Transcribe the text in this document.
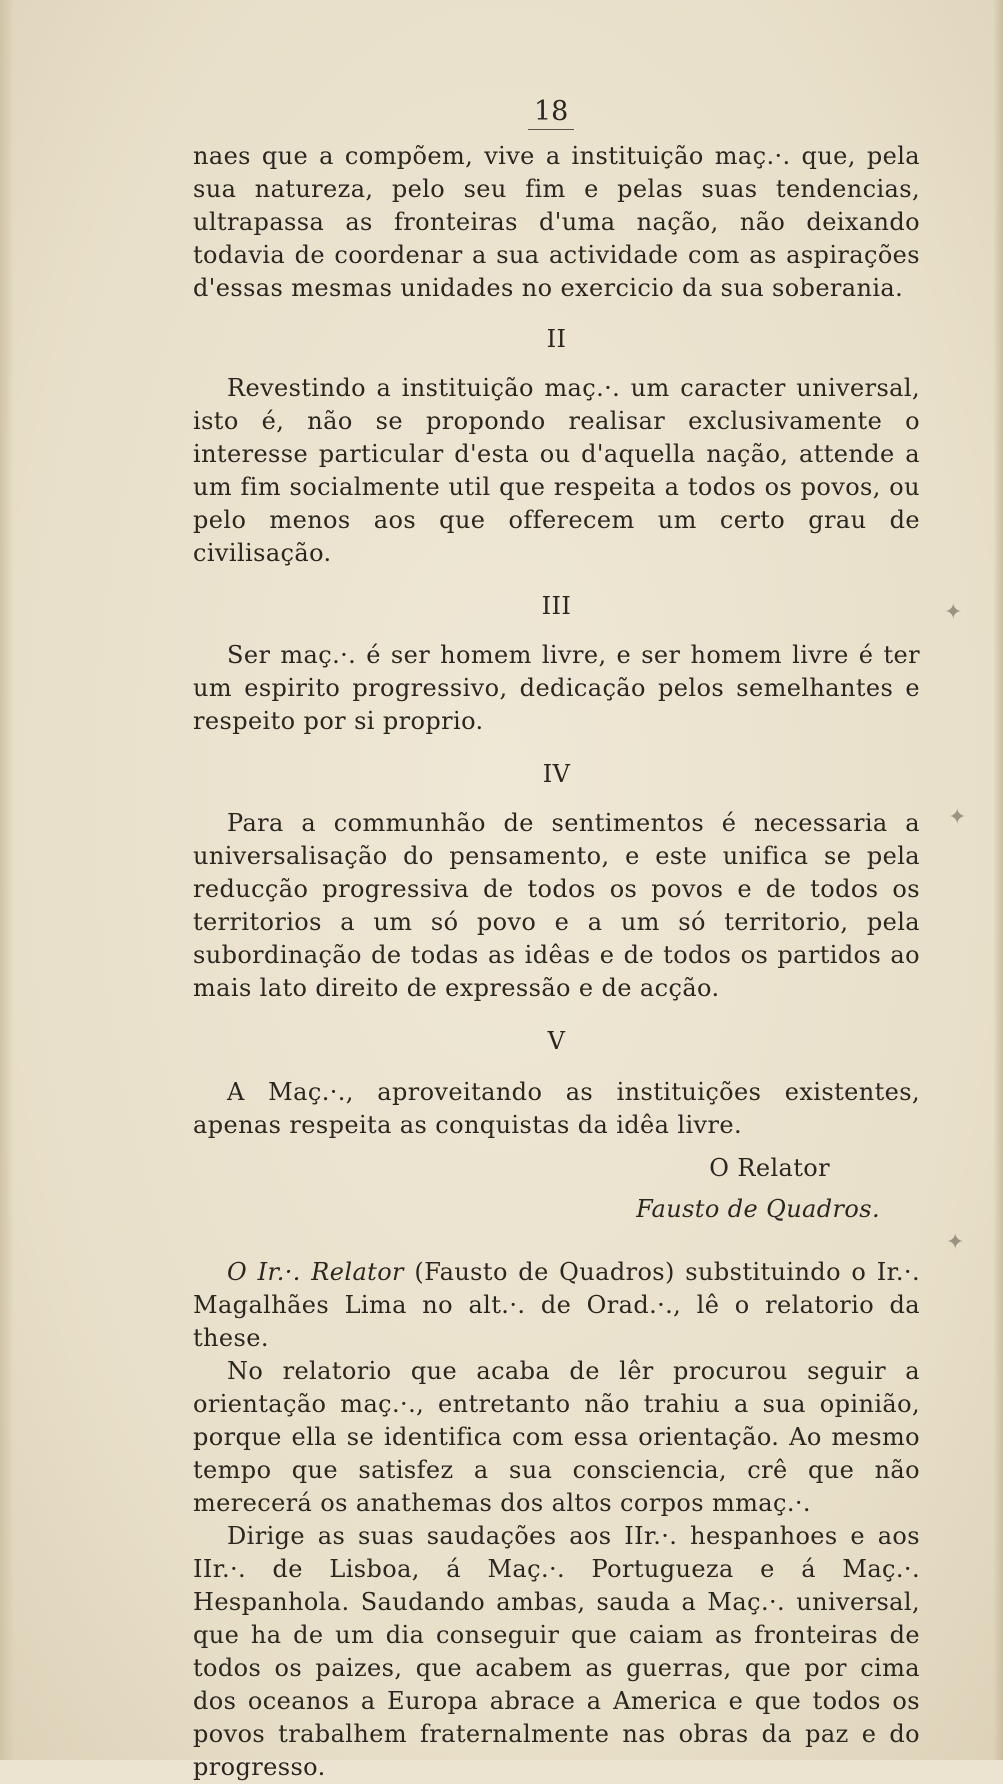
18

naes que a compõem, vive a instituição maç.·. que, pela sua natureza, pelo seu fim e pelas suas tendencias, ultrapassa as fronteiras d'uma nação, não deixando todavia de coordenar a sua actividade com as aspirações d'essas mesmas unidades no exercicio da sua soberania.

II

Revestindo a instituição maç.·. um caracter universal, isto é, não se propondo realisar exclusivamente o interesse particular d'esta ou d'aquella nação, attende a um fim socialmente util que respeita a todos os povos, ou pelo menos aos que offerecem um certo grau de civilisação.

III

Ser maç.·. é ser homem livre, e ser homem livre é ter um espirito progressivo, dedicação pelos semelhantes e respeito por si proprio.

IV

Para a communhão de sentimentos é necessaria a universalisação do pensamento, e este unifica se pela reducção progressiva de todos os povos e de todos os territorios a um só povo e a um só territorio, pela subordinação de todas as idêas e de todos os partidos ao mais lato direito de expressão e de acção.

V

A Maç.·., aproveitando as instituições existentes, apenas respeita as conquistas da idêa livre.

O Relator
Fausto de Quadros.

O Ir.·. Relator (Fausto de Quadros) substituindo o Ir.·. Magalhães Lima no alt.·. de Orad.·., lê o relatorio da these.

No relatorio que acaba de lêr procurou seguir a orientação maç.·., entretanto não trahiu a sua opinião, porque ella se identifica com essa orientação. Ao mesmo tempo que satisfez a sua consciencia, crê que não merecerá os anathemas dos altos corpos mmaç.·.

Dirige as suas saudações aos IIr.·. hespanhoes e aos IIr.·. de Lisboa, á Maç.·. Portugueza e á Maç.·. Hespanhola. Saudando ambas, sauda a Maç.·. universal, que ha de um dia conseguir que caiam as fronteiras de todos os paizes, que acabem as guerras, que por cima dos oceanos a Europa abrace a America e que todos os povos trabalhem fraternalmente nas obras da paz e do progresso.

✦
✦
✦
